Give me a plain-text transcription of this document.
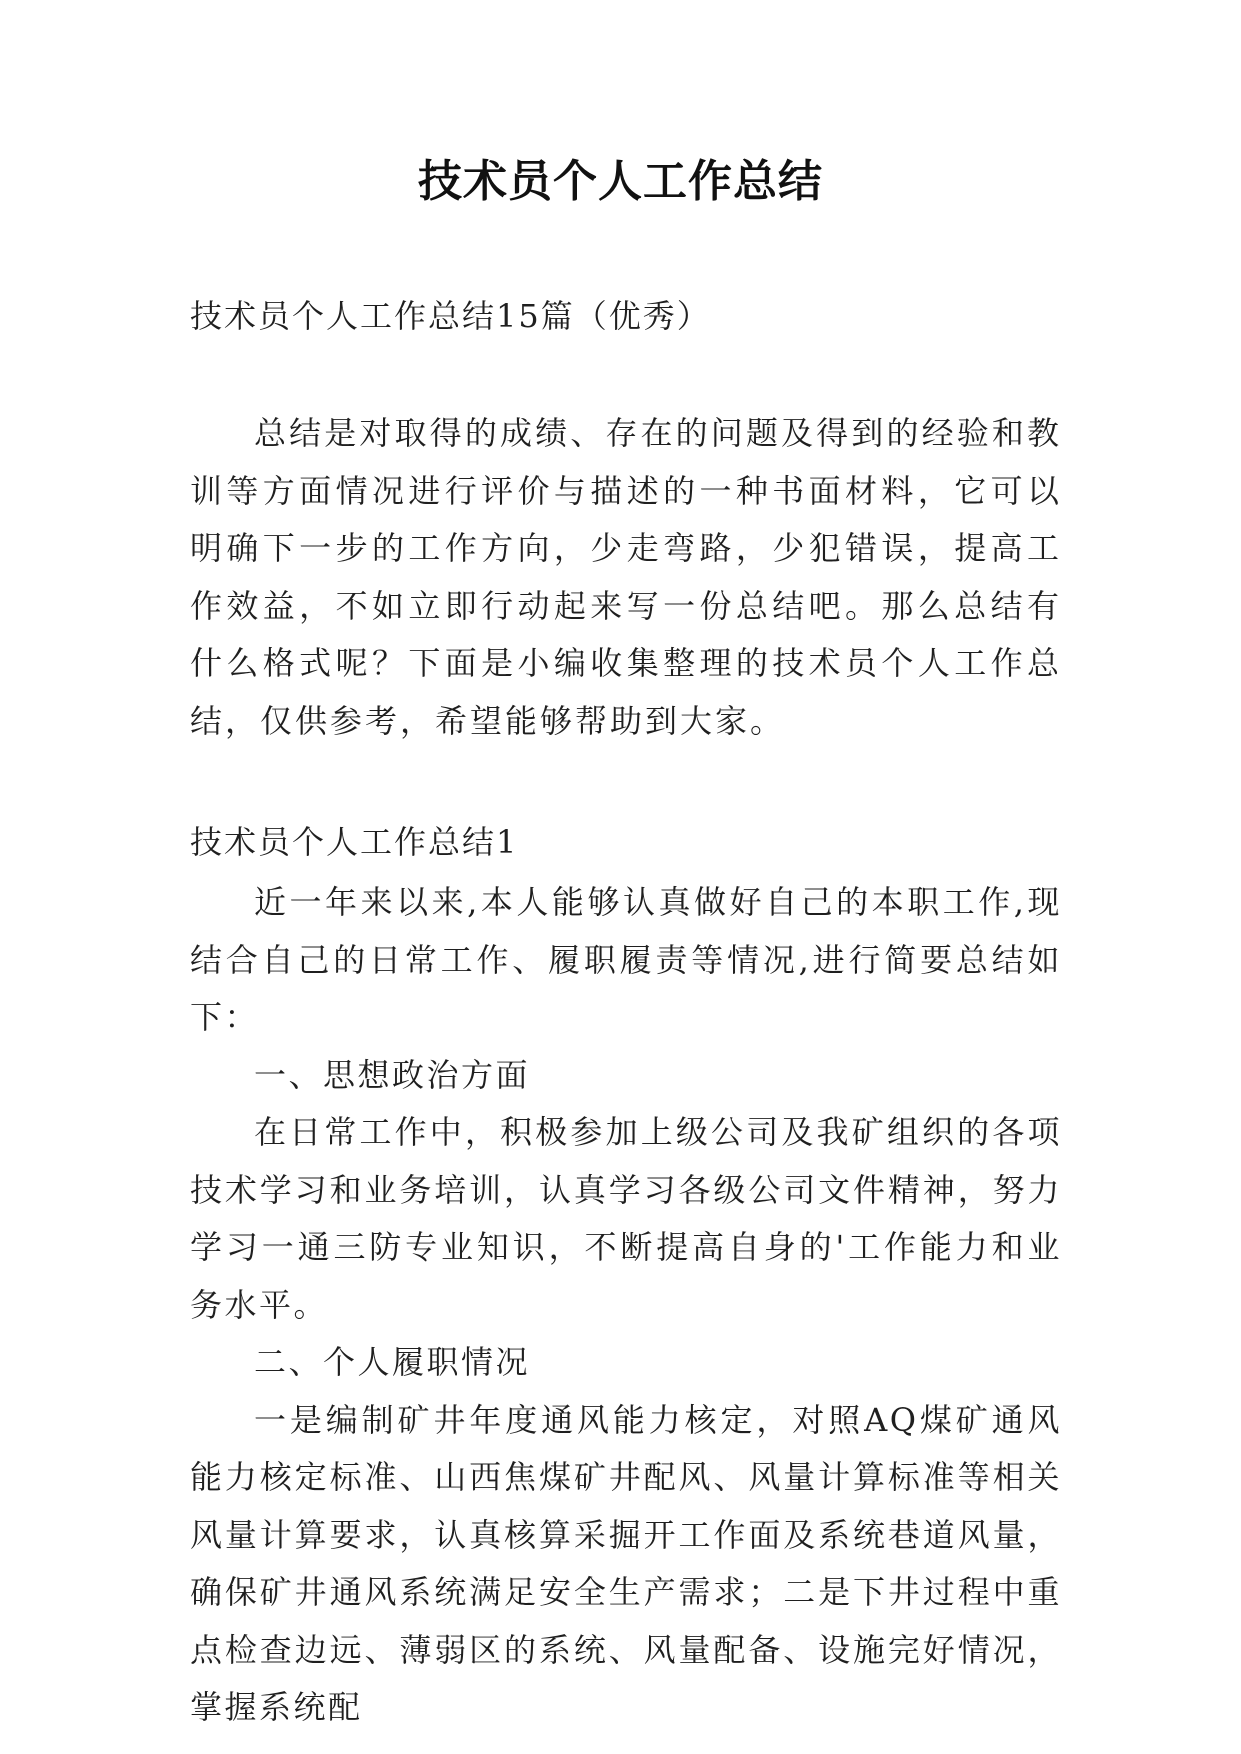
技术员个人工作总结
技术员个人工作总结15篇（优秀）
总结是对取得的成绩、存在的问题及得到的经验和教训等方面情况进行评价与描述的一种书面材料，它可以明确下一步的工作方向，少走弯路，少犯错误，提高工作效益，不如立即行动起来写一份总结吧。那么总结有什么格式呢？下面是小编收集整理的技术员个人工作总结，仅供参考，希望能够帮助到大家。
技术员个人工作总结1

近一年来以来,本人能够认真做好自己的本职工作,现结合自己的日常工作、履职履责等情况,进行简要总结如下：

一、思想政治方面

在日常工作中，积极参加上级公司及我矿组织的各项技术学习和业务培训，认真学习各级公司文件精神，努力学习一通三防专业知识，不断提高自身的'工作能力和业务水平。

二、个人履职情况

一是编制矿井年度通风能力核定，对照AQ煤矿通风能力核定标准、山西焦煤矿井配风、风量计算标准等相关风量计算要求，认真核算采掘开工作面及系统巷道风量，确保矿井通风系统满足安全生产需求；二是下井过程中重点检查边远、薄弱区的系统、风量配备、设施完好情况，掌握系统配
